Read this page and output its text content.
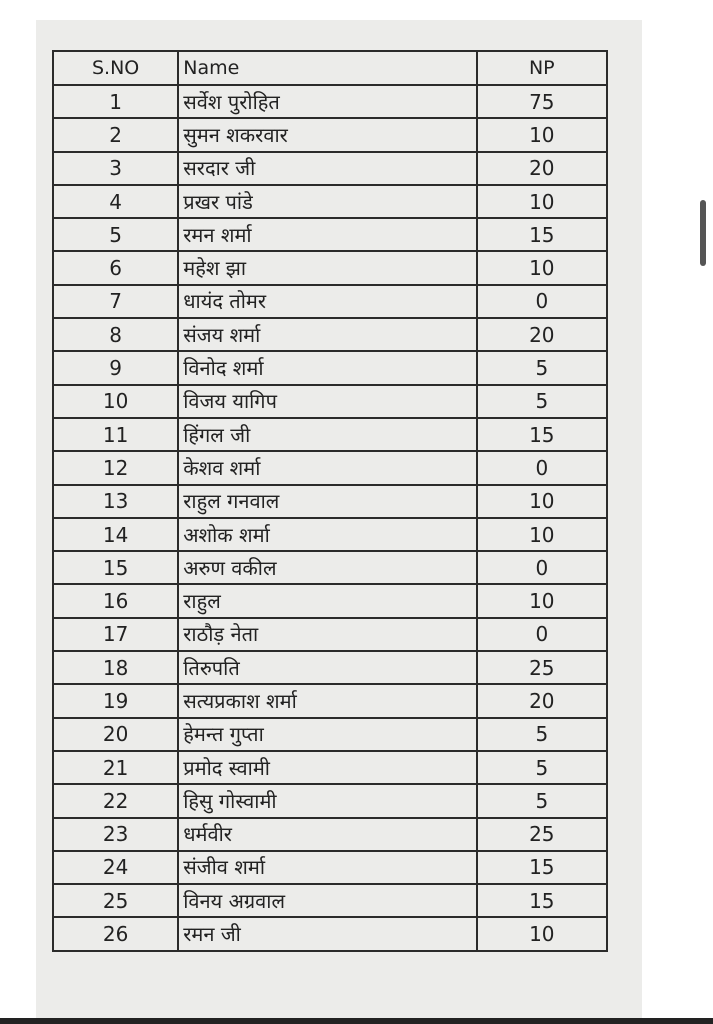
S.NO	Name	NP
1	सर्वेश पुरोहित	75
2	सुमन शकरवार	10
3	सरदार जी	20
4	प्रखर पांडे	10
5	रमन शर्मा	15
6	महेश झा	10
7	धायंद तोमर	0
8	संजय शर्मा	20
9	विनोद शर्मा	5
10	विजय यागिप	5
11	हिंगल जी	15
12	केशव शर्मा	0
13	राहुल गनवाल	10
14	अशोक शर्मा	10
15	अरुण वकील	0
16	राहुल	10
17	राठौड़ नेता	0
18	तिरुपति	25
19	सत्यप्रकाश शर्मा	20
20	हेमन्त गुप्ता	5
21	प्रमोद स्वामी	5
22	हिसु गोस्वामी	5
23	धर्मवीर	25
24	संजीव शर्मा	15
25	विनय अग्रवाल	15
26	रमन जी	10
